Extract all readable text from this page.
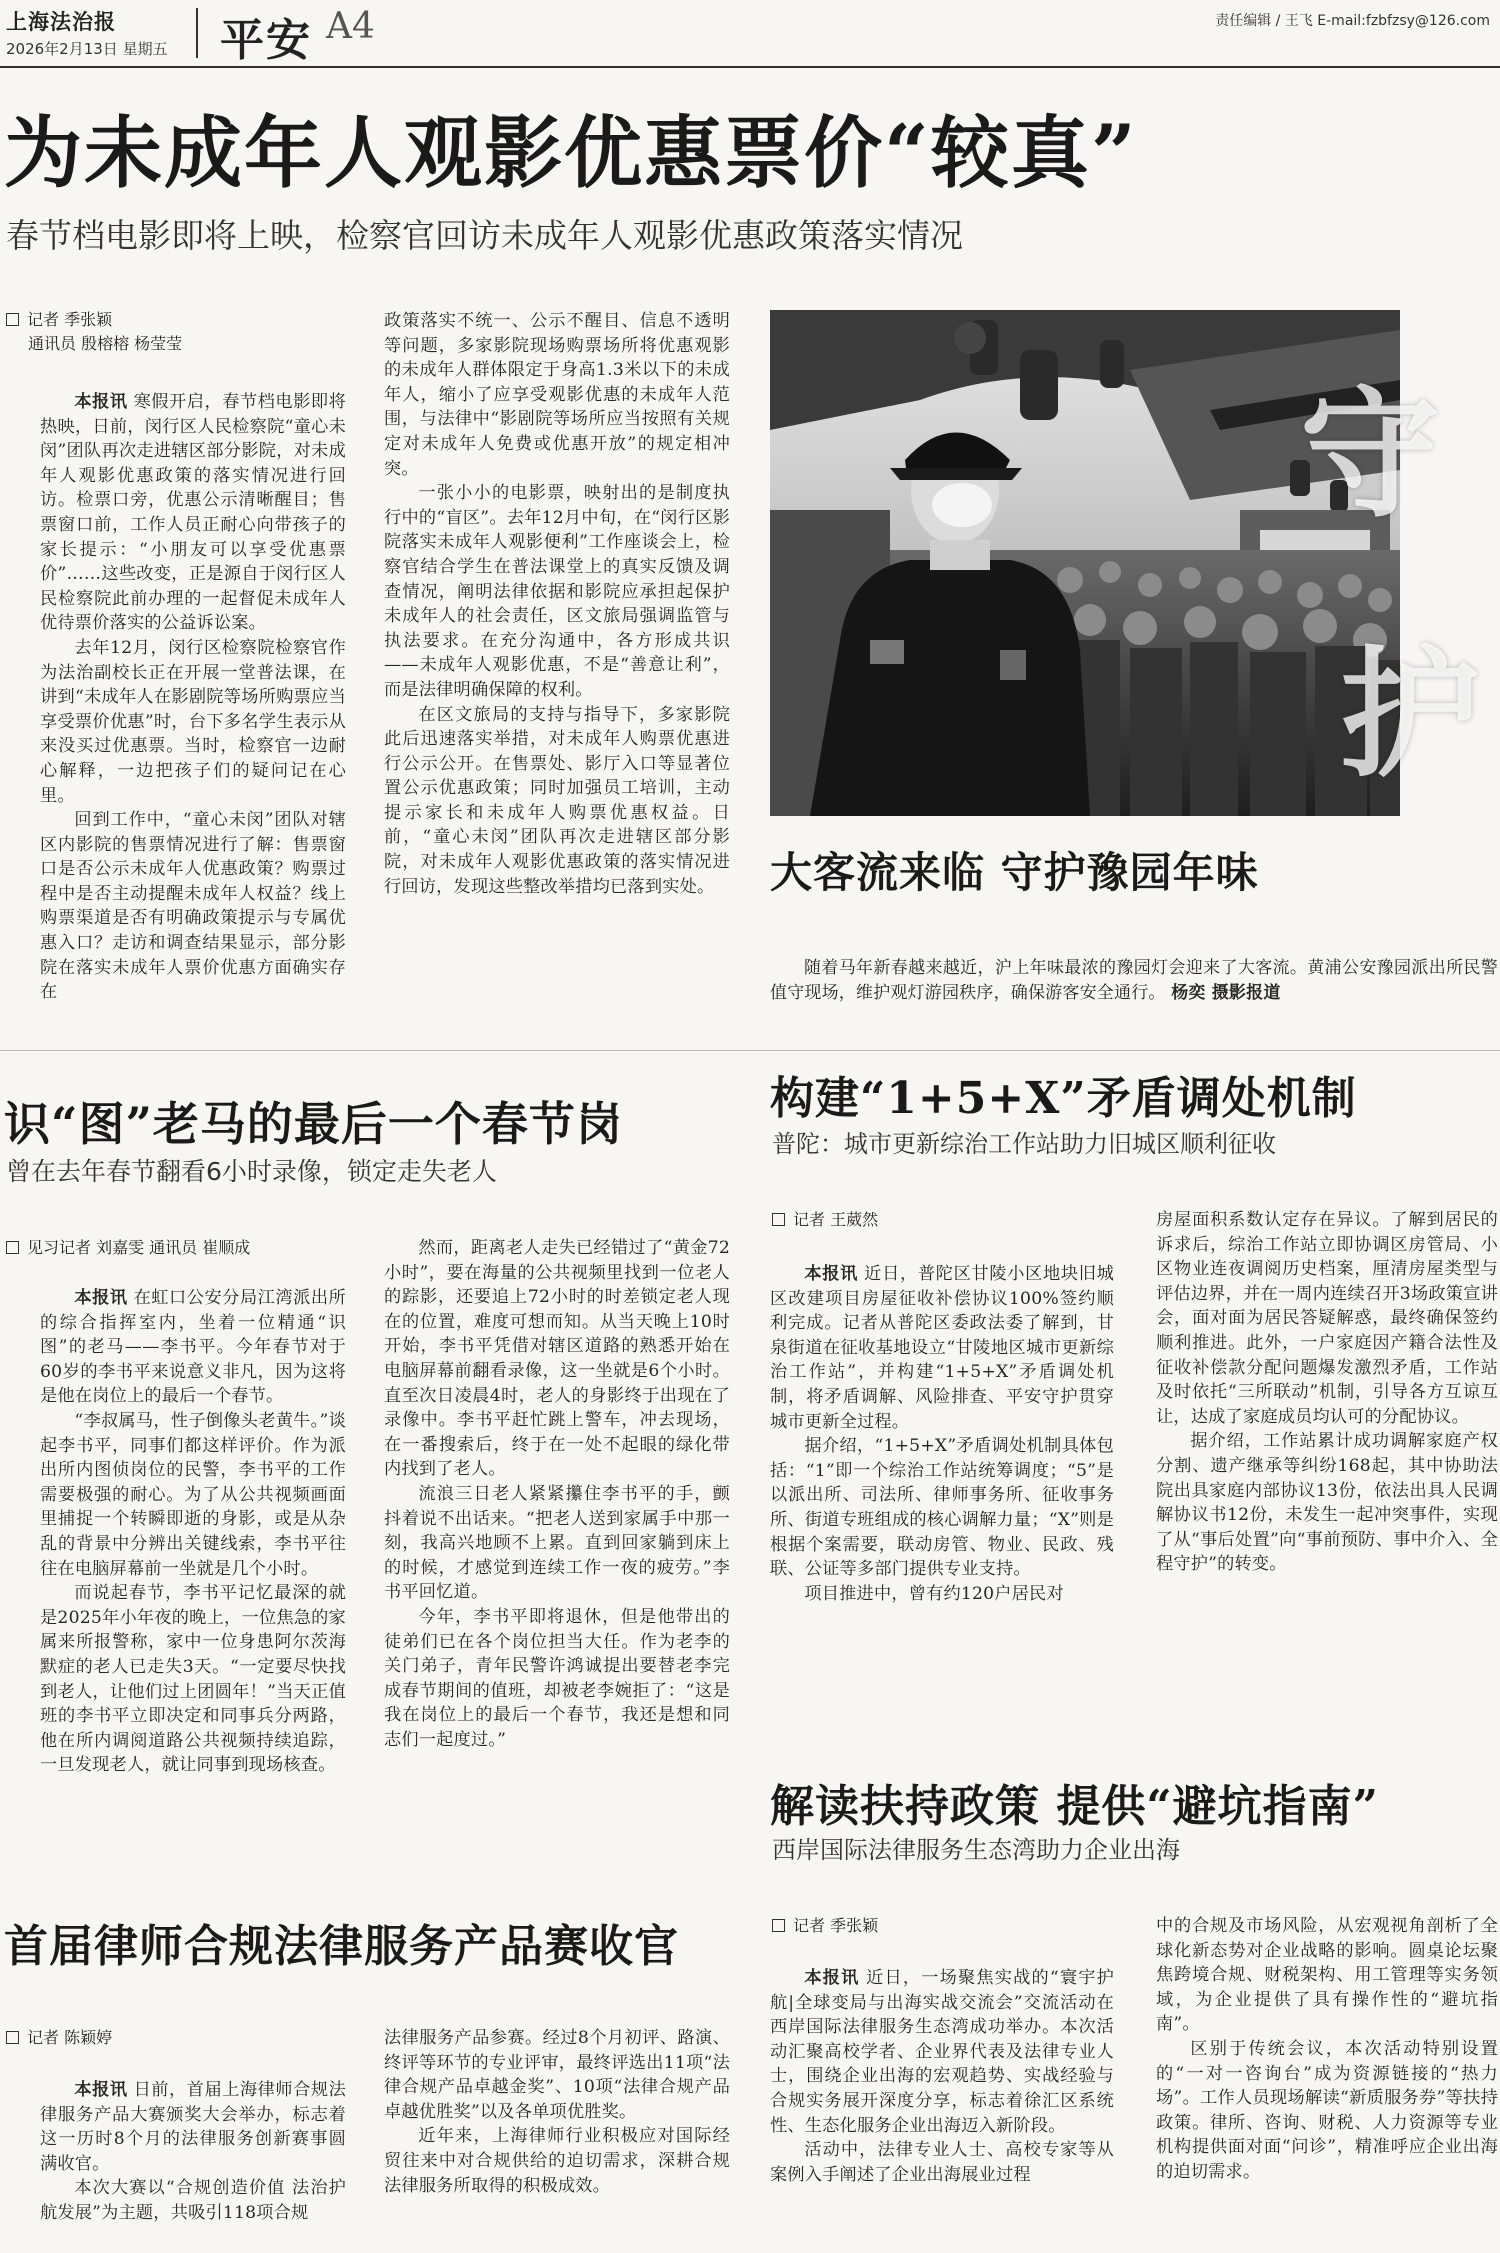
上海法治报
2026年2月13日 星期五 平安 A4	责任编辑 / 王飞 E-mail:fzbfzsy@126.com
为未成年人观影优惠票价“较真”
春节档电影即将上映，检察官回访未成年人观影优惠政策落实情况
记者 季张颖
通讯员 殷榕榕 杨莹莹

本报讯 寒假开启，春节档电影即将热映，日前，闵行区人民检察院“童心未闵”团队再次走进辖区部分影院，对未成年人观影优惠政策的落实情况进行回访。检票口旁，优惠公示清晰醒目；售票窗口前，工作人员正耐心向带孩子的家长提示：“小朋友可以享受优惠票价”……这些改变，正是源自于闵行区人民检察院此前办理的一起督促未成年人优待票价落实的公益诉讼案。

去年12月，闵行区检察院检察官作为法治副校长正在开展一堂普法课，在讲到“未成年人在影剧院等场所购票应当享受票价优惠”时，台下多名学生表示从来没买过优惠票。当时，检察官一边耐心解释，一边把孩子们的疑问记在心里。

回到工作中，“童心未闵”团队对辖区内影院的售票情况进行了解：售票窗口是否公示未成年人优惠政策？购票过程中是否主动提醒未成年人权益？线上购票渠道是否有明确政策提示与专属优惠入口？走访和调查结果显示，部分影院在落实未成年人票价优惠方面确实存在

政策落实不统一、公示不醒目、信息不透明等问题，多家影院现场购票场所将优惠观影的未成年人群体限定于身高1.3米以下的未成年人，缩小了应享受观影优惠的未成年人范围，与法律中“影剧院等场所应当按照有关规定对未成年人免费或优惠开放”的规定相冲突。

一张小小的电影票，映射出的是制度执行中的“盲区”。去年12月中旬，在“闵行区影院落实未成年人观影便利”工作座谈会上，检察官结合学生在普法课堂上的真实反馈及调查情况，阐明法律依据和影院应承担起保护未成年人的社会责任，区文旅局强调监管与执法要求。在充分沟通中，各方形成共识——未成年人观影优惠，不是“善意让利”，而是法律明确保障的权利。

在区文旅局的支持与指导下，多家影院此后迅速落实举措，对未成年人购票优惠进行公示公开。在售票处、影厅入口等显著位置公示优惠政策；同时加强员工培训，主动提示家长和未成年人购票优惠权益。日前，“童心未闵”团队再次走进辖区部分影院，对未成年人观影优惠政策的落实情况进行回访，发现这些整改举措均已落到实处。

守
护
大客流来临 守护豫园年味

随着马年新春越来越近，沪上年味最浓的豫园灯会迎来了大客流。黄浦公安豫园派出所民警值守现场，维护观灯游园秩序，确保游客安全通行。 杨奕 摄影报道

识“图”老马的最后一个春节岗
曾在去年春节翻看6小时录像，锁定走失老人
见习记者 刘嘉雯 通讯员 崔顺成

本报讯 在虹口公安分局江湾派出所的综合指挥室内，坐着一位精通“识图”的老马——李书平。今年春节对于60岁的李书平来说意义非凡，因为这将是他在岗位上的最后一个春节。

“李叔属马，性子倒像头老黄牛。”谈起李书平，同事们都这样评价。作为派出所内图侦岗位的民警，李书平的工作需要极强的耐心。为了从公共视频画面里捕捉一个转瞬即逝的身影，或是从杂乱的背景中分辨出关键线索，李书平往往在电脑屏幕前一坐就是几个小时。

而说起春节，李书平记忆最深的就是2025年小年夜的晚上，一位焦急的家属来所报警称，家中一位身患阿尔茨海默症的老人已走失3天。“一定要尽快找到老人，让他们过上团圆年！”当天正值班的李书平立即决定和同事兵分两路，他在所内调阅道路公共视频持续追踪，一旦发现老人，就让同事到现场核查。

然而，距离老人走失已经错过了“黄金72小时”，要在海量的公共视频里找到一位老人的踪影，还要追上72小时的时差锁定老人现在的位置，难度可想而知。从当天晚上10时开始，李书平凭借对辖区道路的熟悉开始在电脑屏幕前翻看录像，这一坐就是6个小时。直至次日凌晨4时，老人的身影终于出现在了录像中。李书平赶忙跳上警车，冲去现场，在一番搜索后，终于在一处不起眼的绿化带内找到了老人。

流浪三日老人紧紧攥住李书平的手，颤抖着说不出话来。“把老人送到家属手中那一刻，我高兴地顾不上累。直到回家躺到床上的时候，才感觉到连续工作一夜的疲劳。”李书平回忆道。

今年，李书平即将退休，但是他带出的徒弟们已在各个岗位担当大任。作为老李的关门弟子，青年民警许鸿诚提出要替老李完成春节期间的值班，却被老李婉拒了：“这是我在岗位上的最后一个春节，我还是想和同志们一起度过。”

构建“1+5+X”矛盾调处机制
普陀：城市更新综治工作站助力旧城区顺利征收
记者 王葳然

本报讯 近日，普陀区甘陵小区地块旧城区改建项目房屋征收补偿协议100%签约顺利完成。记者从普陀区委政法委了解到，甘泉街道在征收基地设立“甘陵地区城市更新综治工作站”，并构建“1+5+X”矛盾调处机制，将矛盾调解、风险排查、平安守护贯穿城市更新全过程。

据介绍，“1+5+X”矛盾调处机制具体包括：“1”即一个综治工作站统筹调度；“5”是以派出所、司法所、律师事务所、征收事务所、街道专班组成的核心调解力量；“X”则是根据个案需要，联动房管、物业、民政、残联、公证等多部门提供专业支持。

项目推进中，曾有约120户居民对

房屋面积系数认定存在异议。了解到居民的诉求后，综治工作站立即协调区房管局、小区物业连夜调阅历史档案，厘清房屋类型与评估边界，并在一周内连续召开3场政策宣讲会，面对面为居民答疑解惑，最终确保签约顺利推进。此外，一户家庭因产籍合法性及征收补偿款分配问题爆发激烈矛盾，工作站及时依托“三所联动”机制，引导各方互谅互让，达成了家庭成员均认可的分配协议。

据介绍，工作站累计成功调解家庭产权分割、遗产继承等纠纷168起，其中协助法院出具家庭内部协议13份，依法出具人民调解协议书12份，未发生一起冲突事件，实现了从“事后处置”向“事前预防、事中介入、全程守护”的转变。

解读扶持政策 提供“避坑指南”
西岸国际法律服务生态湾助力企业出海
记者 季张颖

本报讯 近日，一场聚焦实战的“寰宇护航|全球变局与出海实战交流会”交流活动在西岸国际法律服务生态湾成功举办。本次活动汇聚高校学者、企业界代表及法律专业人士，围绕企业出海的宏观趋势、实战经验与合规实务展开深度分享，标志着徐汇区系统性、生态化服务企业出海迈入新阶段。

活动中，法律专业人士、高校专家等从案例入手阐述了企业出海展业过程

中的合规及市场风险，从宏观视角剖析了全球化新态势对企业战略的影响。圆桌论坛聚焦跨境合规、财税架构、用工管理等实务领域，为企业提供了具有操作性的“避坑指南”。

区别于传统会议，本次活动特别设置的“一对一咨询台”成为资源链接的“热力场”。工作人员现场解读“新质服务券”等扶持政策。律所、咨询、财税、人力资源等专业机构提供面对面“问诊”，精准呼应企业出海的迫切需求。

首届律师合规法律服务产品赛收官
记者 陈颖婷

本报讯 日前，首届上海律师合规法律服务产品大赛颁奖大会举办，标志着这一历时8个月的法律服务创新赛事圆满收官。

本次大赛以“合规创造价值 法治护航发展”为主题，共吸引118项合规

法律服务产品参赛。经过8个月初评、路演、终评等环节的专业评审，最终评选出11项“法律合规产品卓越金奖”、10项“法律合规产品卓越优胜奖”以及各单项优胜奖。

近年来，上海律师行业积极应对国际经贸往来中对合规供给的迫切需求，深耕合规法律服务所取得的积极成效。
